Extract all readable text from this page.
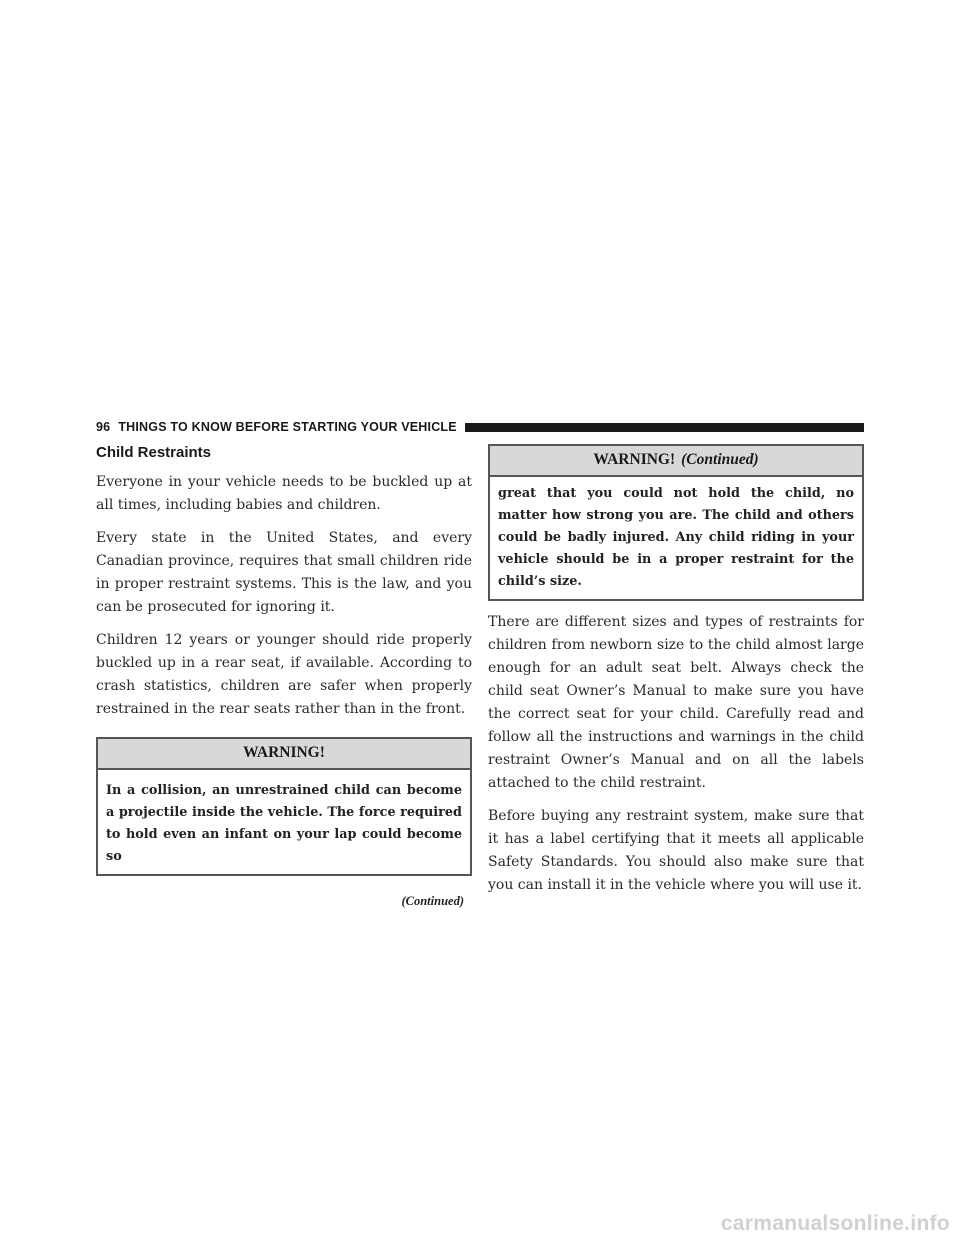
96 THINGS TO KNOW BEFORE STARTING YOUR VEHICLE
Child Restraints

Everyone in your vehicle needs to be buckled up at all times, including babies and children.

Every state in the United States, and every Canadian province, requires that small children ride in proper restraint systems. This is the law, and you can be prosecuted for ignoring it.

Children 12 years or younger should ride properly buckled up in a rear seat, if available. According to crash statistics, children are safer when properly restrained in the rear seats rather than in the front.

WARNING!
In a collision, an unrestrained child can become a projectile inside the vehicle. The force required to hold even an infant on your lap could become so
(Continued)
WARNING! (Continued)
great that you could not hold the child, no matter how strong you are. The child and others could be badly injured. Any child riding in your vehicle should be in a proper restraint for the child’s size.

There are different sizes and types of restraints for children from newborn size to the child almost large enough for an adult seat belt. Always check the child seat Owner’s Manual to make sure you have the correct seat for your child. Carefully read and follow all the instructions and warnings in the child restraint Owner’s Manual and on all the labels attached to the child restraint.

Before buying any restraint system, make sure that it has a label certifying that it meets all applicable Safety Standards. You should also make sure that you can install it in the vehicle where you will use it.

carmanualsonline.info
